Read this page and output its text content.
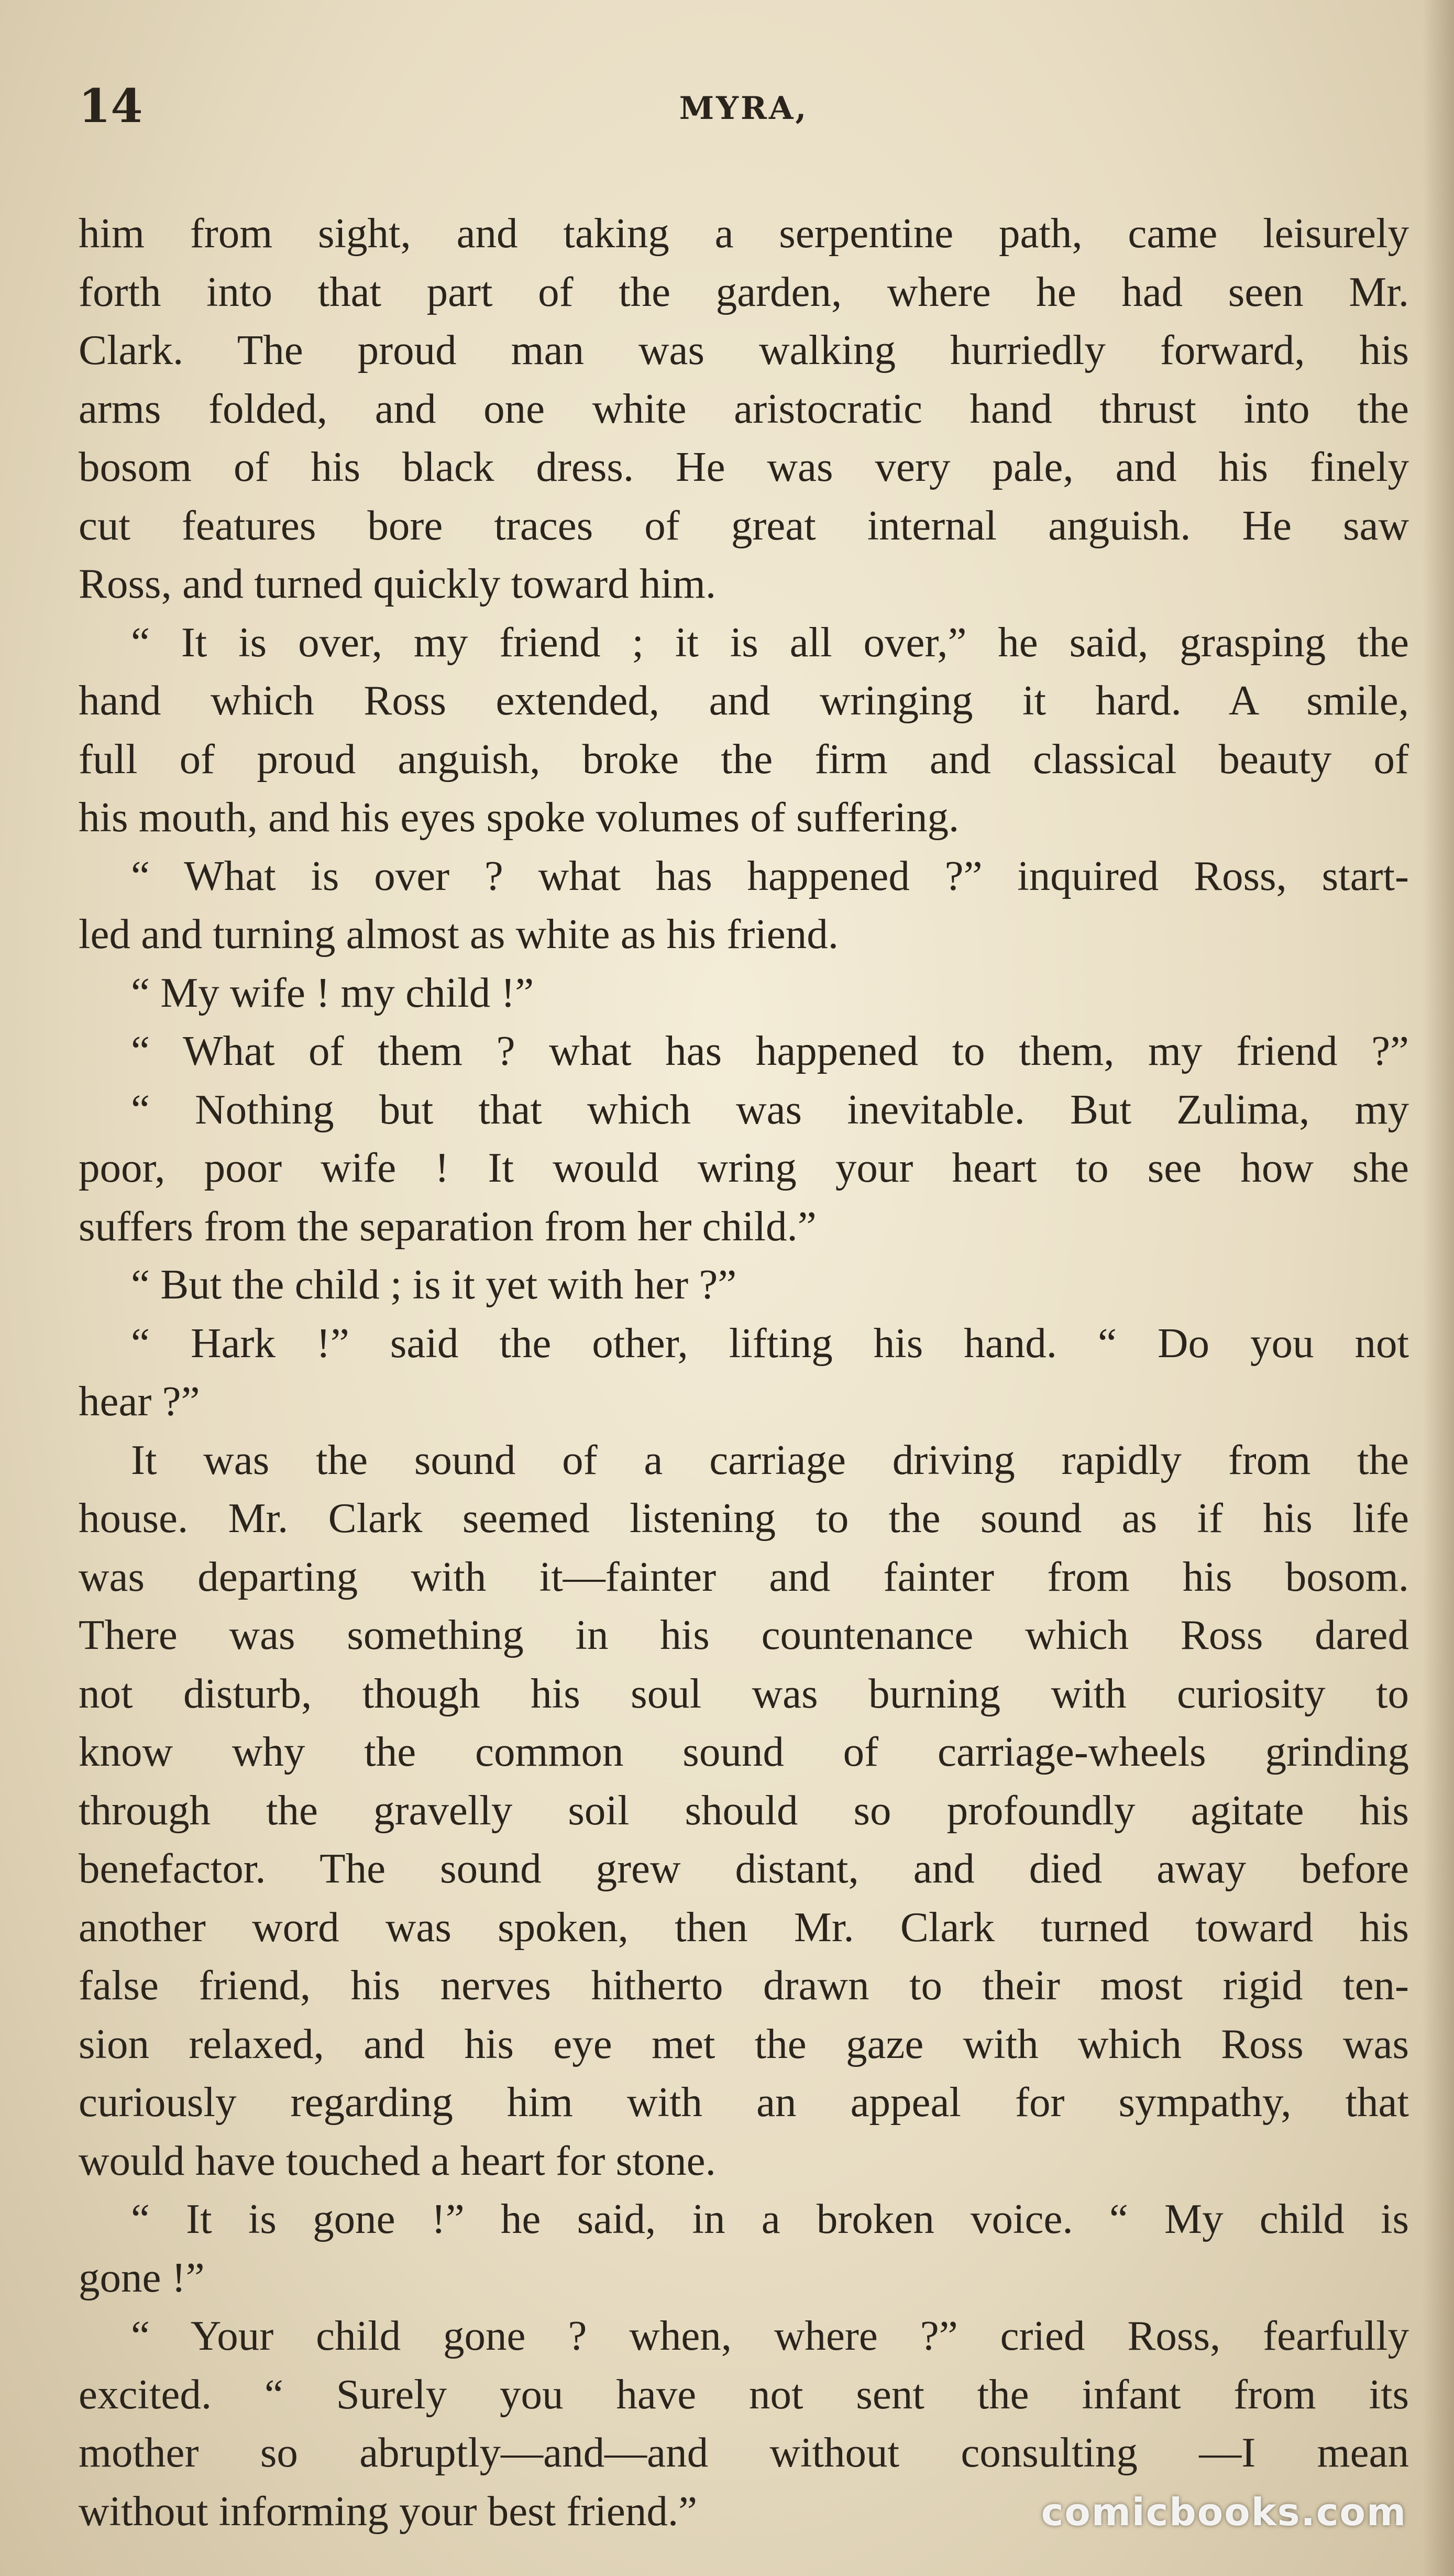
14	MYRA,
him from sight, and taking a serpentine path, came leisurely
forth into that part of the garden, where he had seen Mr.
Clark. The proud man was walking hurriedly forward, his
arms folded, and one white aristocratic hand thrust into the
bosom of his black dress. He was very pale, and his finely
cut features bore traces of great internal anguish. He saw
Ross, and turned quickly toward him.
“ It is over, my friend ; it is all over,” he said, grasping the
hand which Ross extended, and wringing it hard. A smile,
full of proud anguish, broke the firm and classical beauty of
his mouth, and his eyes spoke volumes of suffering.
“ What is over ? what has happened ?” inquired Ross, start-
led and turning almost as white as his friend.
“ My wife ! my child !”
“ What of them ? what has happened to them, my friend ?”
“ Nothing but that which was inevitable. But Zulima, my
poor, poor wife ! It would wring your heart to see how she
suffers from the separation from her child.”
“ But the child ; is it yet with her ?”
“ Hark !” said the other, lifting his hand. “ Do you not
hear ?”
It was the sound of a carriage driving rapidly from the
house. Mr. Clark seemed listening to the sound as if his life
was departing with it—fainter and fainter from his bosom.
There was something in his countenance which Ross dared
not disturb, though his soul was burning with curiosity to
know why the common sound of carriage-wheels grinding
through the gravelly soil should so profoundly agitate his
benefactor. The sound grew distant, and died away before
another word was spoken, then Mr. Clark turned toward his
false friend, his nerves hitherto drawn to their most rigid ten-
sion relaxed, and his eye met the gaze with which Ross was
curiously regarding him with an appeal for sympathy, that
would have touched a heart for stone.
“ It is gone !” he said, in a broken voice. “ My child is
gone !”
“ Your child gone ? when, where ?” cried Ross, fearfully
excited. “ Surely you have not sent the infant from its
mother so abruptly—and—and without consulting —I mean
without informing your best friend.”	comicbooks.com
